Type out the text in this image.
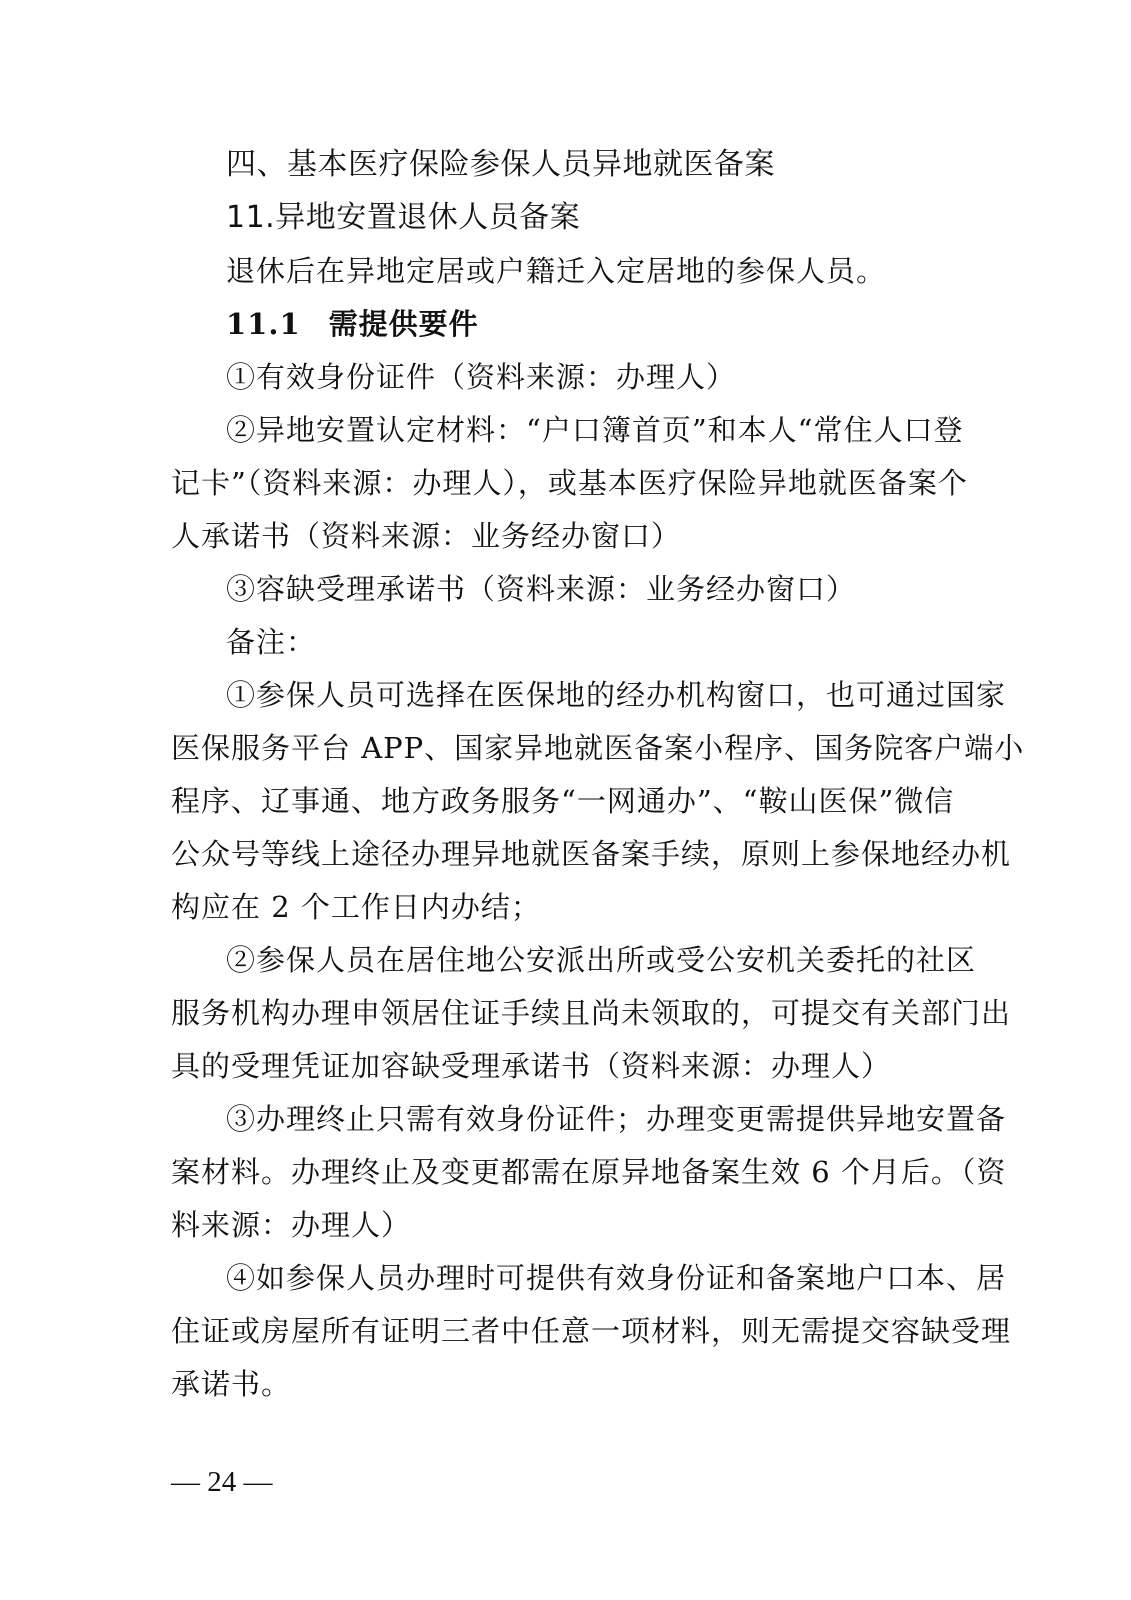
四、基本医疗保险参保人员异地就医备案
11.异地安置退休人员备案
退休后在异地定居或户籍迁入定居地的参保人员。
11.1 需提供要件
①有效身份证件（资料来源：办理人）
②异地安置认定材料：“户口簿首页”和本人“常住人口登
记卡”（资料来源：办理人），或基本医疗保险异地就医备案个
人承诺书（资料来源：业务经办窗口）
③容缺受理承诺书（资料来源：业务经办窗口）
备注：
①参保人员可选择在医保地的经办机构窗口，也可通过国家
医保服务平台 APP、国家异地就医备案小程序、国务院客户端小
程序、辽事通、地方政务服务“一网通办”、“鞍山医保”微信
公众号等线上途径办理异地就医备案手续，原则上参保地经办机
构应在 2 个工作日内办结；
②参保人员在居住地公安派出所或受公安机关委托的社区
服务机构办理申领居住证手续且尚未领取的，可提交有关部门出
具的受理凭证加容缺受理承诺书（资料来源：办理人）
③办理终止只需有效身份证件；办理变更需提供异地安置备
案材料。办理终止及变更都需在原异地备案生效 6 个月后。（资
料来源：办理人）
④如参保人员办理时可提供有效身份证和备案地户口本、居
住证或房屋所有证明三者中任意一项材料，则无需提交容缺受理
承诺书。
— 24 —
